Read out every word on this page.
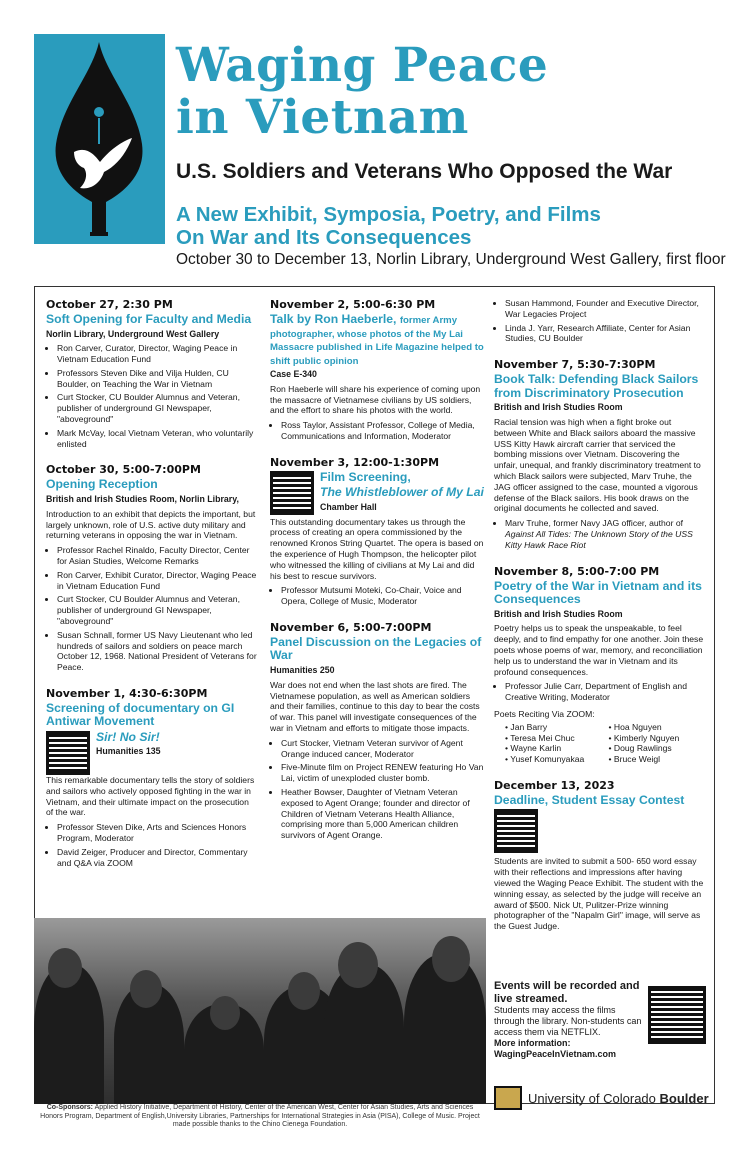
Waging Peace
in Vietnam
U.S. Soldiers and Veterans Who Opposed the War
A New Exhibit, Symposia, Poetry, and Films
On War and Its Consequences
October 30 to December 13, Norlin Library, Underground West Gallery, first floor
October 27, 2:30 PM
Soft Opening for Faculty and Media
Norlin Library, Underground West Gallery
• Ron Carver, Curator, Director, Waging Peace in Vietnam Education Fund
• Professors Steven Dike and Vilja Hulden, CU Boulder, on Teaching the War in Vietnam
• Curt Stocker, CU Boulder Alumnus and Veteran, publisher of underground GI Newspaper, "aboveground"
• Mark McVay, local Vietnam Veteran, who voluntarily enlisted
October 30, 5:00-7:00PM
Opening Reception
British and Irish Studies Room, Norlin Library,
Introduction to an exhibit that depicts the important, but largely unknown, role of U.S. active duty military and returning veterans in opposing the war in Vietnam.
• Professor Rachel Rinaldo, Faculty Director, Center for Asian Studies, Welcome Remarks
• Ron Carver, Exhibit Curator, Director, Waging Peace in Vietnam Education Fund
• Curt Stocker, CU Boulder Alumnus and Veteran, publisher of underground GI Newspaper, "aboveground"
• Susan Schnall, former US Navy Lieutenant who led hundreds of sailors and soldiers on peace march October 12, 1968. National President of Veterans for Peace.
November 1, 4:30-6:30PM
Screening of documentary on GI Antiwar Movement
Sir! No Sir!
Humanities 135
This remarkable documentary tells the story of soldiers and sailors who actively opposed fighting in the war in Vietnam, and their ultimate impact on the prosecution of the war.
• Professor Steven Dike, Arts and Sciences Honors Program, Moderator
• David Zeiger, Producer and Director, Commentary and Q&A via ZOOM
November 2, 5:00-6:30 PM
Talk by Ron Haeberle, former Army photographer, whose photos of the My Lai Massacre published in Life Magazine helped to shift public opinion
Case E-340
Ron Haeberle will share his experience of coming upon the massacre of Vietnamese civilians by US soldiers, and the effort to share his photos with the world.
• Ross Taylor, Assistant Professor, College of Media, Communications and Information, Moderator
November 3, 12:00-1:30PM
Film Screening,
The Whistleblower of My Lai
Chamber Hall
This outstanding documentary takes us through the process of creating an opera commissioned by the renowned Kronos String Quartet. The opera is based on the experience of Hugh Thompson, the helicopter pilot who witnessed the killing of civilians at My Lai and did his best to rescue survivors.
• Professor Mutsumi Moteki, Co-Chair, Voice and Opera, College of Music, Moderator
November 6, 5:00-7:00PM
Panel Discussion on the Legacies of War
Humanities 250
War does not end when the last shots are fired. The Vietnamese population, as well as American soldiers and their families, continue to this day to bear the costs of war. This panel will investigate consequences of the war in Vietnam and efforts to mitigate those impacts.
• Curt Stocker, Vietnam Veteran survivor of Agent Orange induced cancer, Moderator
• Five-Minute film on Project RENEW featuring Ho Van Lai, victim of unexploded cluster bomb.
• Heather Bowser, Daughter of Vietnam Veteran exposed to Agent Orange; founder and director of Children of Vietnam Veterans Health Alliance, comprising more than 5,000 American children survivors of Agent Orange.
• Susan Hammond, Founder and Executive Director, War Legacies Project
• Linda J. Yarr, Research Affiliate, Center for Asian Studies, CU Boulder
November 7, 5:30-7:30PM
Book Talk: Defending Black Sailors from Discriminatory Prosecution
British and Irish Studies Room
Racial tension was high when a fight broke out between White and Black sailors aboard the massive USS Kitty Hawk aircraft carrier that serviced the bombing missions over Vietnam. Discovering the unfair, unequal, and frankly discriminatory treatment to which Black sailors were subjected, Marv Truhe, the JAG officer assigned to the case, mounted a vigorous defense of the Black sailors. His book draws on the original documents he collected and saved.
• Marv Truhe, former Navy JAG officer, author of Against All Tides: The Unknown Story of the USS Kitty Hawk Race Riot
November 8, 5:00-7:00 PM
Poetry of the War in Vietnam and its Consequences
British and Irish Studies Room
Poetry helps us to speak the unspeakable, to feel deeply, and to find empathy for one another. Join these poets whose poems of war, memory, and reconciliation help us to understand the war in Vietnam and its profound consequences.
• Professor Julie Carr, Department of English and Creative Writing, Moderator
Poets Reciting Via ZOOM:
• Jan Barry	• Hoa Nguyen
• Teresa Mei Chuc	• Kimberly Nguyen
• Wayne Karlin	• Doug Rawlings
• Yusef Komunyakaa	• Bruce Weigl
December 13, 2023
Deadline, Student Essay Contest
Students are invited to submit a 500- 650 word essay with their reflections and impressions after having viewed the Waging Peace Exhibit. The student with the winning essay, as selected by the judge will receive an award of $500. Nick Ut, Pulitzer-Prize winning photographer of the "Napalm Girl" image, will serve as the Guest Judge.
Events will be recorded and live streamed.
Students may access the films through the library. Non-students can access them via NETFLIX.
More information:
WagingPeaceInVietnam.com
Co-Sponsors: Applied History Initiative, Department of History, Center of the American West, Center for Asian Studies, Arts and Sciences Honors Program, Department of English,University Libraries, Partnerships for International Strategies in Asia (PISA), College of Music. Project made possible thanks to the Chino Cienega Foundation.
University of Colorado Boulder
